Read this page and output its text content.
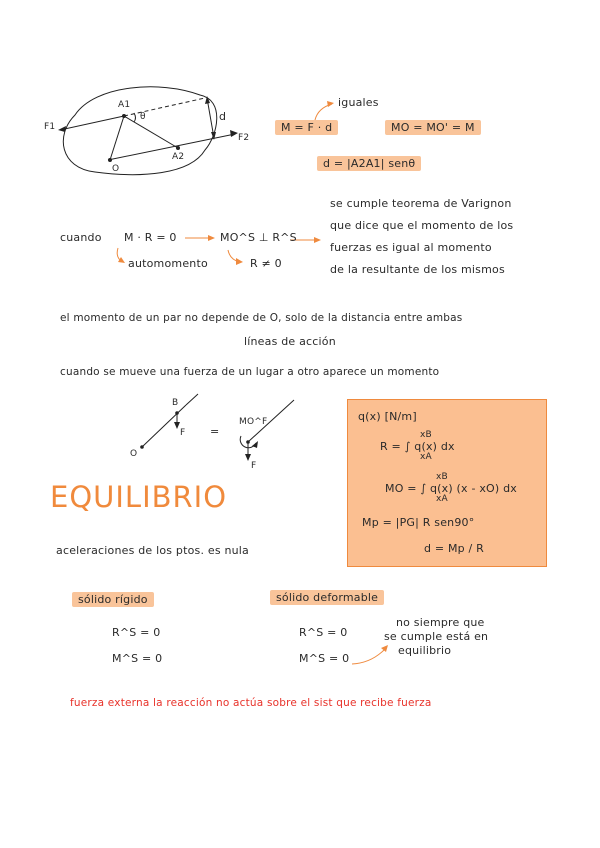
A1
A2
O
F1
F2
θ	d
iguales
M = F · d	MO = MO' = M
d = |A2A1| senθ
cuando M · R = 0	MO^S ⊥ R^S
automomento	R ≠ 0
se cumple teorema de Varignon
que dice que el momento de los
fuerzas es igual al momento
de la resultante de los mismos
el momento de un par no depende de O, solo de la distancia entre ambas
líneas de acción
cuando se mueve una fuerza de un lugar a otro aparece un momento
B
F
O
=
MO^F
F
q(x) [N/m]
R = ∫ q(x) dx
xB
xA
MO = ∫ q(x) (x - xO) dx
xB
xA
Mp = |PG| R sen90°
d = Mp / R
EQUILIBRIO
aceleraciones de los ptos. es nula
sólido rígido
R^S = 0
M^S = 0
sólido deformable
R^S = 0
M^S = 0
no siempre que
se cumple está en
equilibrio
fuerza externa la reacción no actúa sobre el sist que recibe fuerza
